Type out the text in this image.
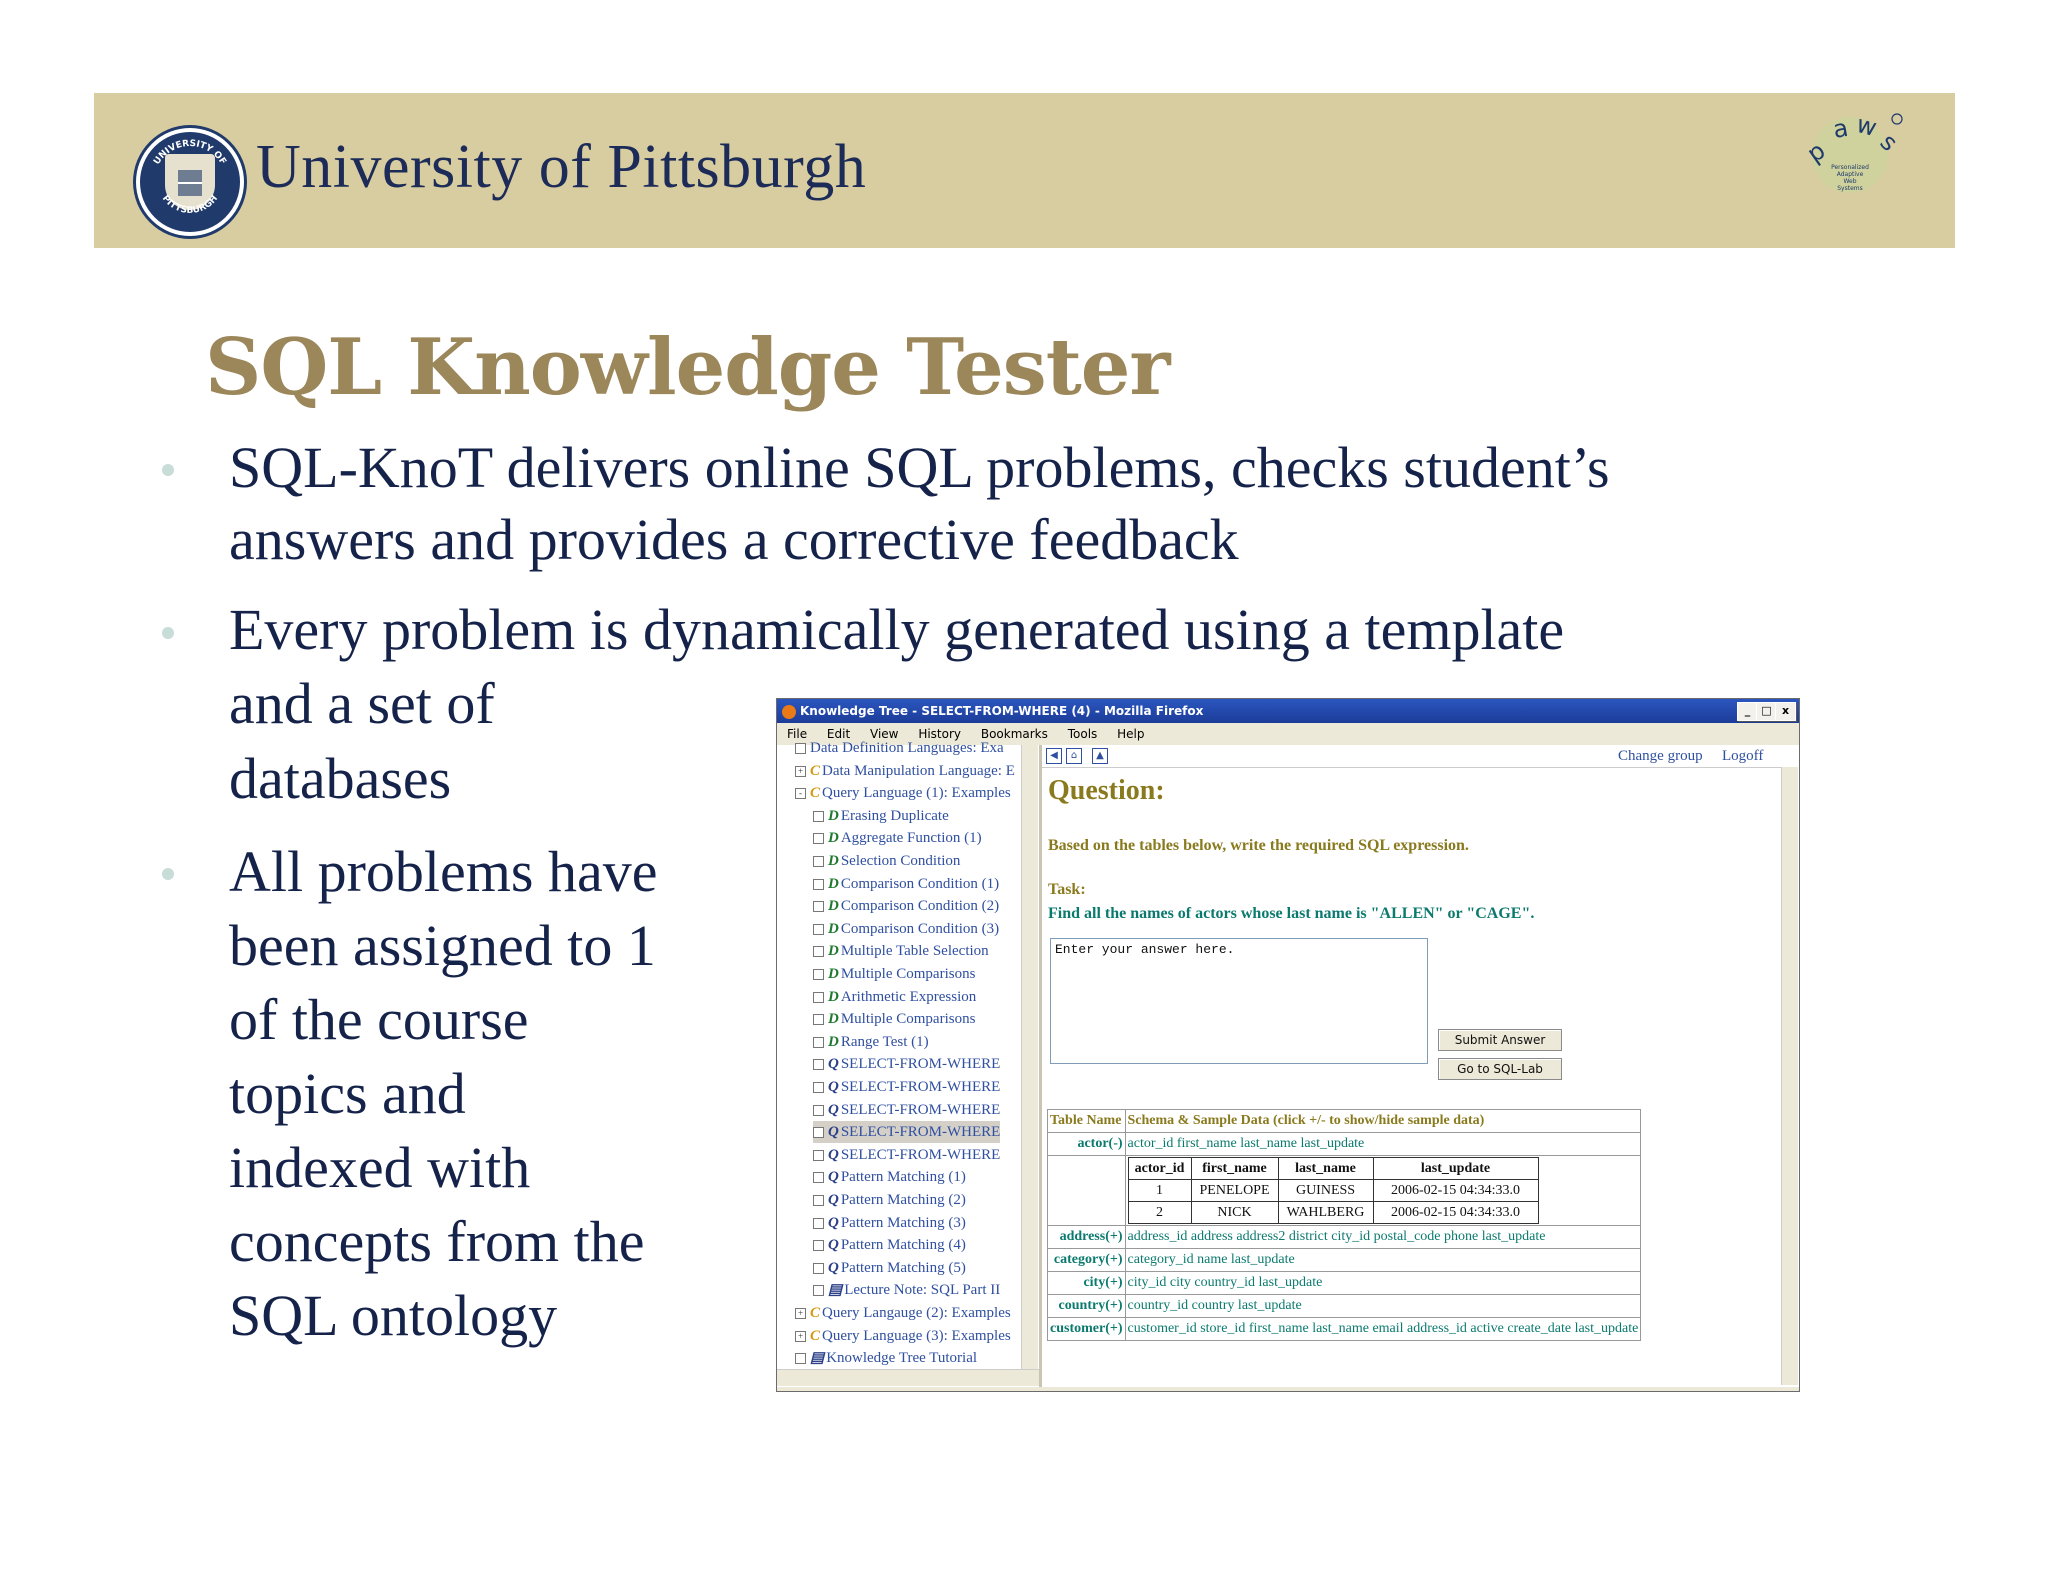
UNIVERSITY OF
PITTSBURGH University of Pittsburgh	p
a w
s
Personalized
Adaptive
Web
Systems
SQL Knowledge Tester
SQL-KnoT delivers online SQL problems, checks student’s
answers and provides a corrective feedback
Every problem is dynamically generated using a template
and a set of
databases
All problems have
been assigned to 1
of the course
topics and
indexed with
concepts from the
SQL ontology
Knowledge Tree - SELECT-FROM-WHERE (4) - Mozilla Firefox	_	□ x
File Edit View History Bookmarks Tools Help
Data Definition Languages: Exa
+ C Data Manipulation Language: E
- C Query Language (1): Examples
D Erasing Duplicate
D Aggregate Function (1)
D Selection Condition
D Comparison Condition (1)
D Comparison Condition (2)
D Comparison Condition (3)
D Multiple Table Selection
D Multiple Comparisons
D Arithmetic Expression
D Multiple Comparisons
D Range Test (1)
Q SELECT-FROM-WHERE
Q SELECT-FROM-WHERE
Q SELECT-FROM-WHERE
Q SELECT-FROM-WHERE
Q SELECT-FROM-WHERE
Q Pattern Matching (1)
Q Pattern Matching (2)
Q Pattern Matching (3)
Q Pattern Matching (4)
Q Pattern Matching (5)
▤ Lecture Note: SQL Part II
+ C Query Langauge (2): Examples
+ C Query Language (3): Examples
▤ Knowledge Tree Tutorial
◀	⌂	▲	Change group Logoff
Question:
Based on the tables below, write the required SQL expression.
Task:
Find all the names of actors whose last name is "ALLEN" or "CAGE".
Enter your answer here.
Submit Answer
Go to SQL-Lab
Table Name	Schema & Sample Data (click +/- to show/hide sample data)
actor(-)	actor_id first_name last_name last_update

actor_id	first_name	last_name	last_update
1	PENELOPE	GUINESS	2006-02-15 04:34:33.0
2	NICK	WAHLBERG	2006-02-15 04:34:33.0

address(+)	address_id address address2 district city_id postal_code phone last_update
category(+)	category_id name last_update
city(+)	city_id city country_id last_update
country(+)	country_id country last_update
customer(+)	customer_id store_id first_name last_name email address_id active create_date last_update
